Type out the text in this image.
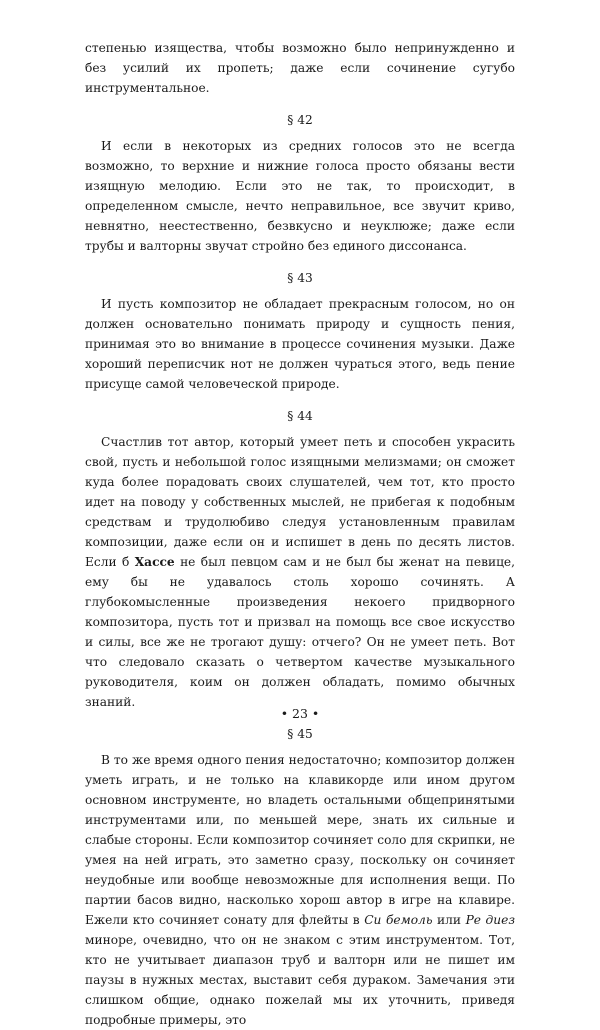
степенью изящества, чтобы возможно было непринужденно и без усилий их пропеть; даже если сочинение сугубо инструментальное.

§ 42

И если в некоторых из средних голосов это не всегда возможно, то верхние и нижние голоса просто обязаны вести изящную мелодию. Если это не так, то происходит, в определенном смысле, нечто неправильное, все звучит криво, невнятно, неестественно, безвкусно и неуклюже; даже если трубы и валторны звучат стройно без единого диссонанса.

§ 43

И пусть композитор не обладает прекрасным голосом, но он должен основательно понимать природу и сущность пения, принимая это во внимание в процессе сочинения музыки. Даже хороший переписчик нот не должен чураться этого, ведь пение присуще самой человеческой природе.

§ 44

Счастлив тот автор, который умеет петь и способен украсить свой, пусть и небольшой голос изящными мелизмами; он сможет куда более порадовать своих слушателей, чем тот, кто просто идет на поводу у собственных мыслей, не прибегая к подобным средствам и трудолюбиво следуя установленным правилам композиции, даже если он и испишет в день по десять листов. Если б Хассе не был певцом сам и не был бы женат на певице, ему бы не удавалось столь хорошо сочинять. А глубокомысленные произведения некоего придворного композитора, пусть тот и призвал на помощь все свое искусство и силы, все же не трогают душу: отчего? Он не умеет петь. Вот что следовало сказать о четвертом качестве музыкального руководителя, коим он должен обладать, помимо обычных знаний.

§ 45

В то же время одного пения недостаточно; композитор должен уметь играть, и не только на клавикорде или ином другом основном инструменте, но владеть остальными общепринятыми инструментами или, по меньшей мере, знать их сильные и слабые стороны. Если композитор сочиняет соло для скрипки, не умея на ней играть, это заметно сразу, поскольку он сочиняет неудобные или вообще невозможные для исполнения вещи. По партии басов видно, насколько хорош автор в игре на клавире. Ежели кто сочиняет сонату для флейты в Си бемоль или Ре диез миноре, очевидно, что он не знаком с этим инструментом. Тот, кто не учитывает диапазон труб и валторн или не пишет им паузы в нужных местах, выставит себя дураком. Замечания эти слишком общие, однако пожелай мы их уточнить, приведя подробные примеры, это

• 23 •
